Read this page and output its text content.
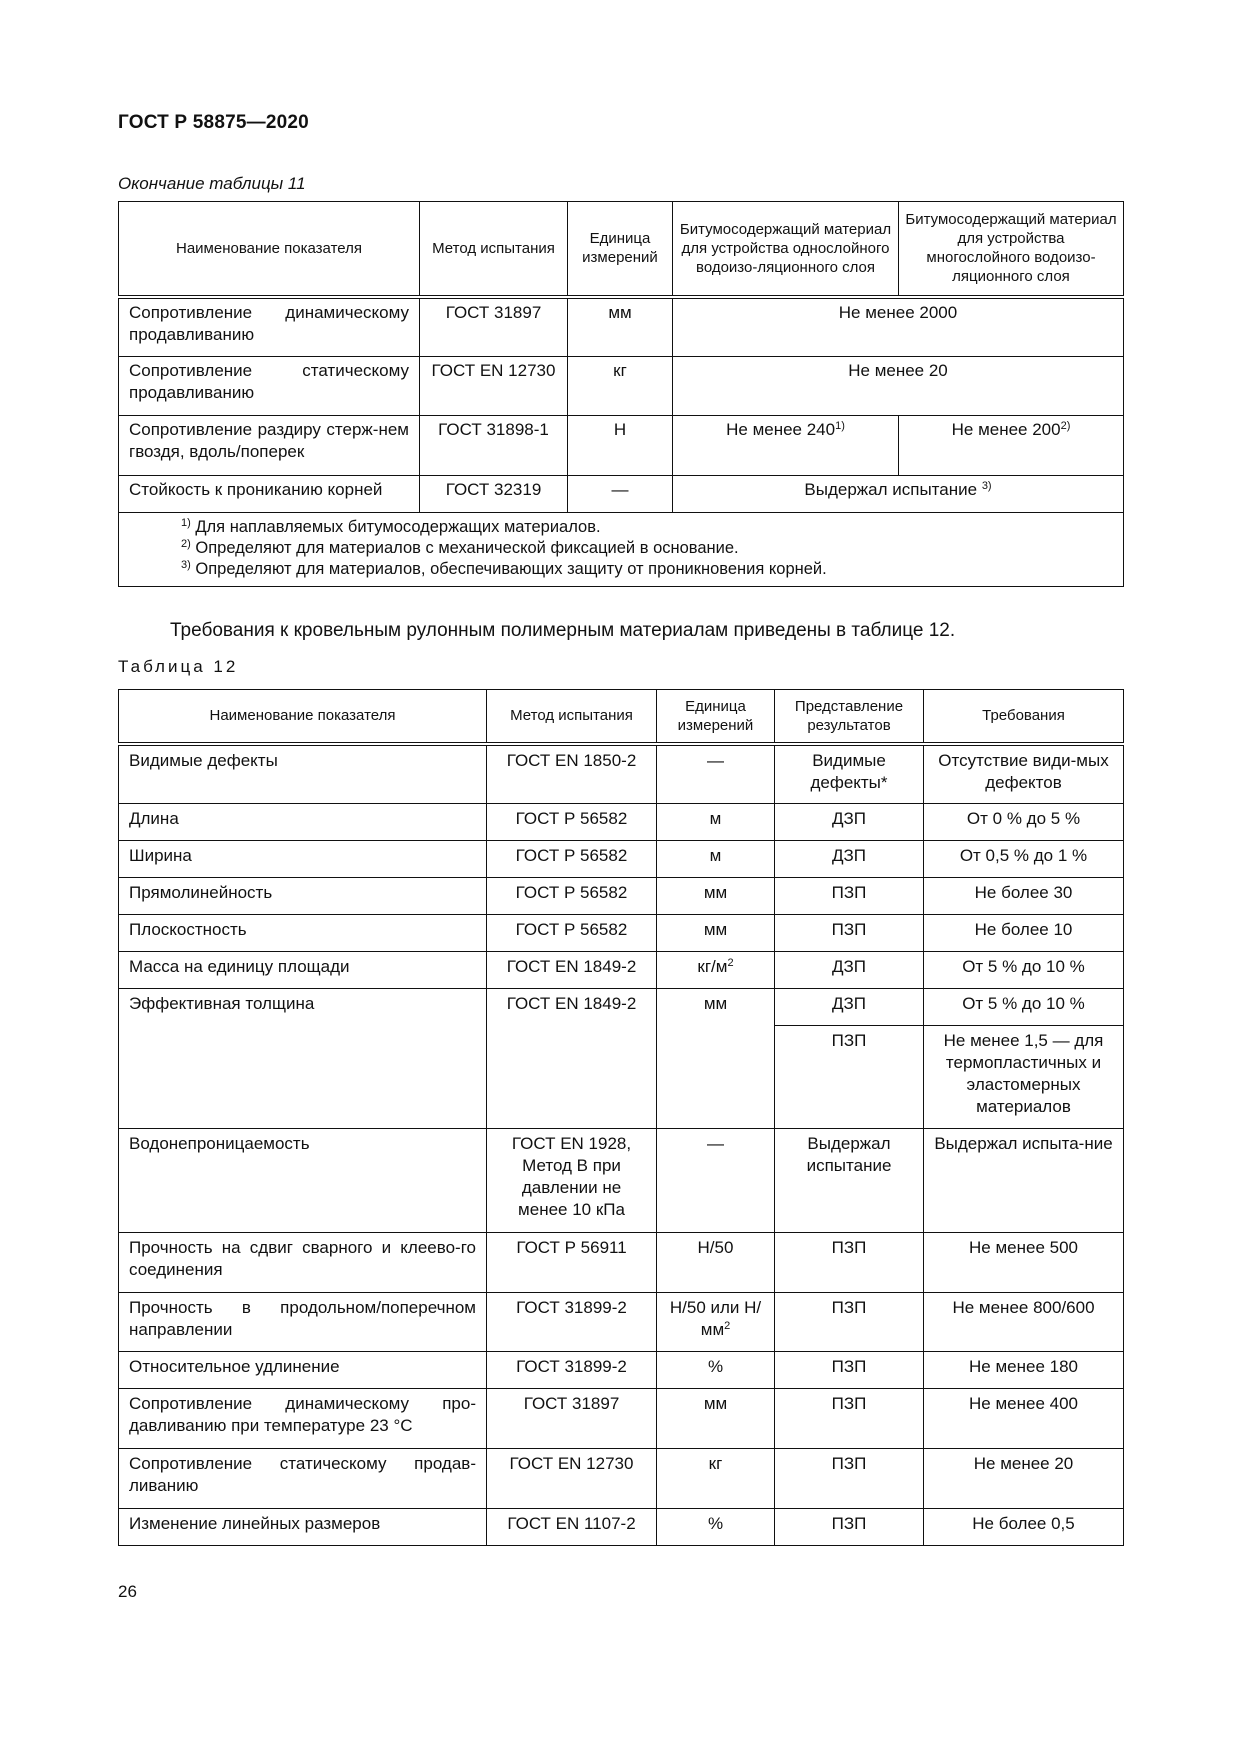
ГОСТ Р 58875—2020
Окончание таблицы 11
Наименование показателя	Метод испытания	Единица измерений	Битумосодержащий материал для устройства однослойного водоизо-ляционного слоя	Битумосодержащий материал для устройства многослойного водоизо-ляционного слоя
Сопротивление динамическому продавливанию	ГОСТ 31897	мм	Не менее 2000	
Сопротивление статическому продавливанию	ГОСТ EN 12730	кг	Не менее 20	
Сопротивление раздиру стерж-нем гвоздя, вдоль/поперек	ГОСТ 31898-1	Н	Не менее 240$^{1)}$	Не менее 200$^{2)}$
Стойкость к прониканию корней	ГОСТ 32319	—	Выдержал испытание $^{3)}$

$^{1)}$ Для наплавляемых битумосодержащих материалов.
$^{2)}$ Определяют для материалов с механической фиксацией в основание.
$^{3)}$ Определяют для материалов, обеспечивающих защиту от проникновения корней.				
Требования к кровельным рулонным полимерным материалам приведены в таблице 12.
Таблица 12
Наименование показателя	Метод испытания	Единица измерений	Представление результатов	Требования
Видимые дефекты	ГОСТ EN 1850-2	—	Видимые дефекты*	Отсутствие види-мых дефектов
Длина	ГОСТ Р 56582	м	ДЗП	От 0 % до 5 %
Ширина	ГОСТ Р 56582	м	ДЗП	От 0,5 % до 1 %
Прямолинейность	ГОСТ Р 56582	мм	ПЗП	Не более 30
Плоскостность	ГОСТ Р 56582	мм	ПЗП	Не более 10
Масса на единицу площади	ГОСТ EN 1849-2	$кг/м^2$	ДЗП	От 5 % до 10 %
Эффективная толщина	ГОСТ EN 1849-2	мм	ДЗП	От 5 % до 10 %
			ПЗП	Не менее 1,5 — для термопластичных и эластомерных материалов
Водонепроницаемость	ГОСТ EN 1928, Метод В при давлении не менее 10 кПа	—	Выдержал испытание	Выдержал испыта-ние
Прочность на сдвиг сварного и клеево-го соединения	ГОСТ Р 56911	Н/50	ПЗП	Не менее 500
Прочность в продольном/поперечном направлении	ГОСТ 31899-2	Н/50 или $Н/мм^2$	ПЗП	Не менее 800/600
Относительное удлинение	ГОСТ 31899-2	%	ПЗП	Не менее 180
Сопротивление динамическому про-давливанию при температуре 23 °С	ГОСТ 31897	мм	ПЗП	Не менее 400
Сопротивление статическому продав-ливанию	ГОСТ EN 12730	кг	ПЗП	Не менее 20
Изменение линейных размеров	ГОСТ EN 1107-2	%	ПЗП	Не более 0,5
26
